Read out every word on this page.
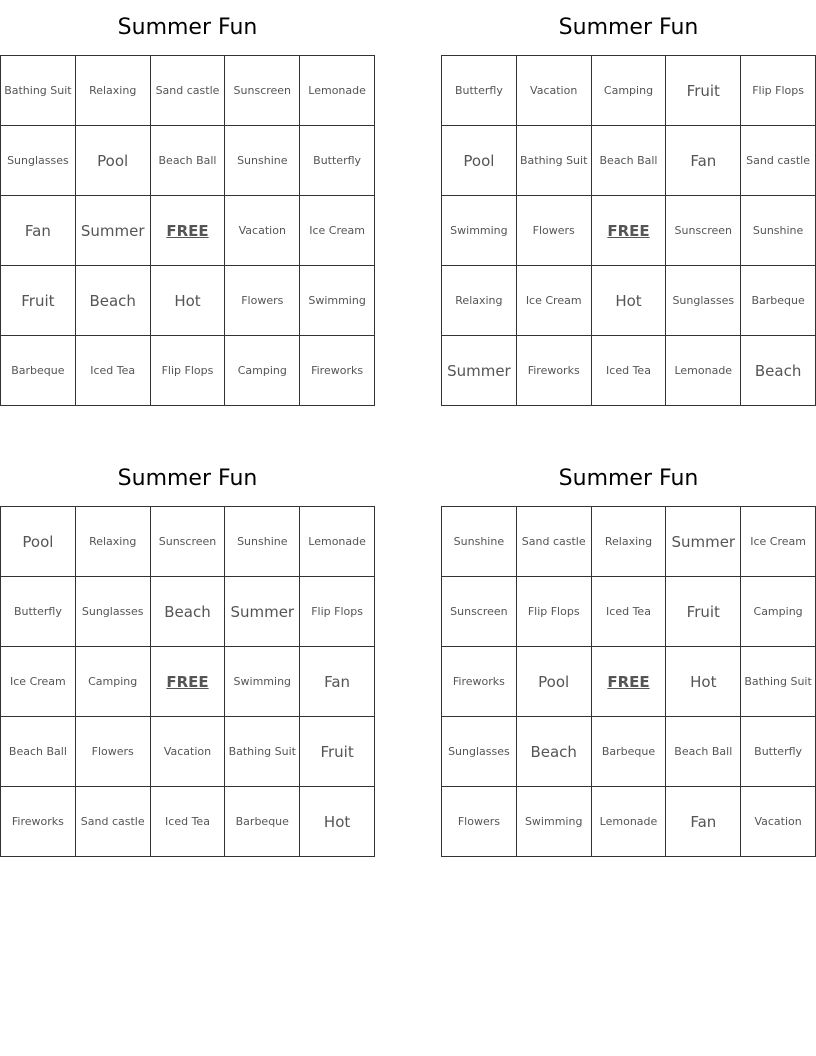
Summer Fun
Bathing Suit	Relaxing	Sand castle	Sunscreen	Lemonade
Sunglasses	Pool	Beach Ball	Sunshine	Butterfly
Fan	Summer	FREE	Vacation	Ice Cream
Fruit	Beach	Hot	Flowers	Swimming
Barbeque	Iced Tea	Flip Flops	Camping	Fireworks
Summer Fun
Butterfly	Vacation	Camping	Fruit	Flip Flops
Pool	Bathing Suit	Beach Ball	Fan	Sand castle
Swimming	Flowers	FREE	Sunscreen	Sunshine
Relaxing	Ice Cream	Hot	Sunglasses	Barbeque
Summer	Fireworks	Iced Tea	Lemonade	Beach
Summer Fun
Pool	Relaxing	Sunscreen	Sunshine	Lemonade
Butterfly	Sunglasses	Beach	Summer	Flip Flops
Ice Cream	Camping	FREE	Swimming	Fan
Beach Ball	Flowers	Vacation	Bathing Suit	Fruit
Fireworks	Sand castle	Iced Tea	Barbeque	Hot
Summer Fun
Sunshine	Sand castle	Relaxing	Summer	Ice Cream
Sunscreen	Flip Flops	Iced Tea	Fruit	Camping
Fireworks	Pool	FREE	Hot	Bathing Suit
Sunglasses	Beach	Barbeque	Beach Ball	Butterfly
Flowers	Swimming	Lemonade	Fan	Vacation
